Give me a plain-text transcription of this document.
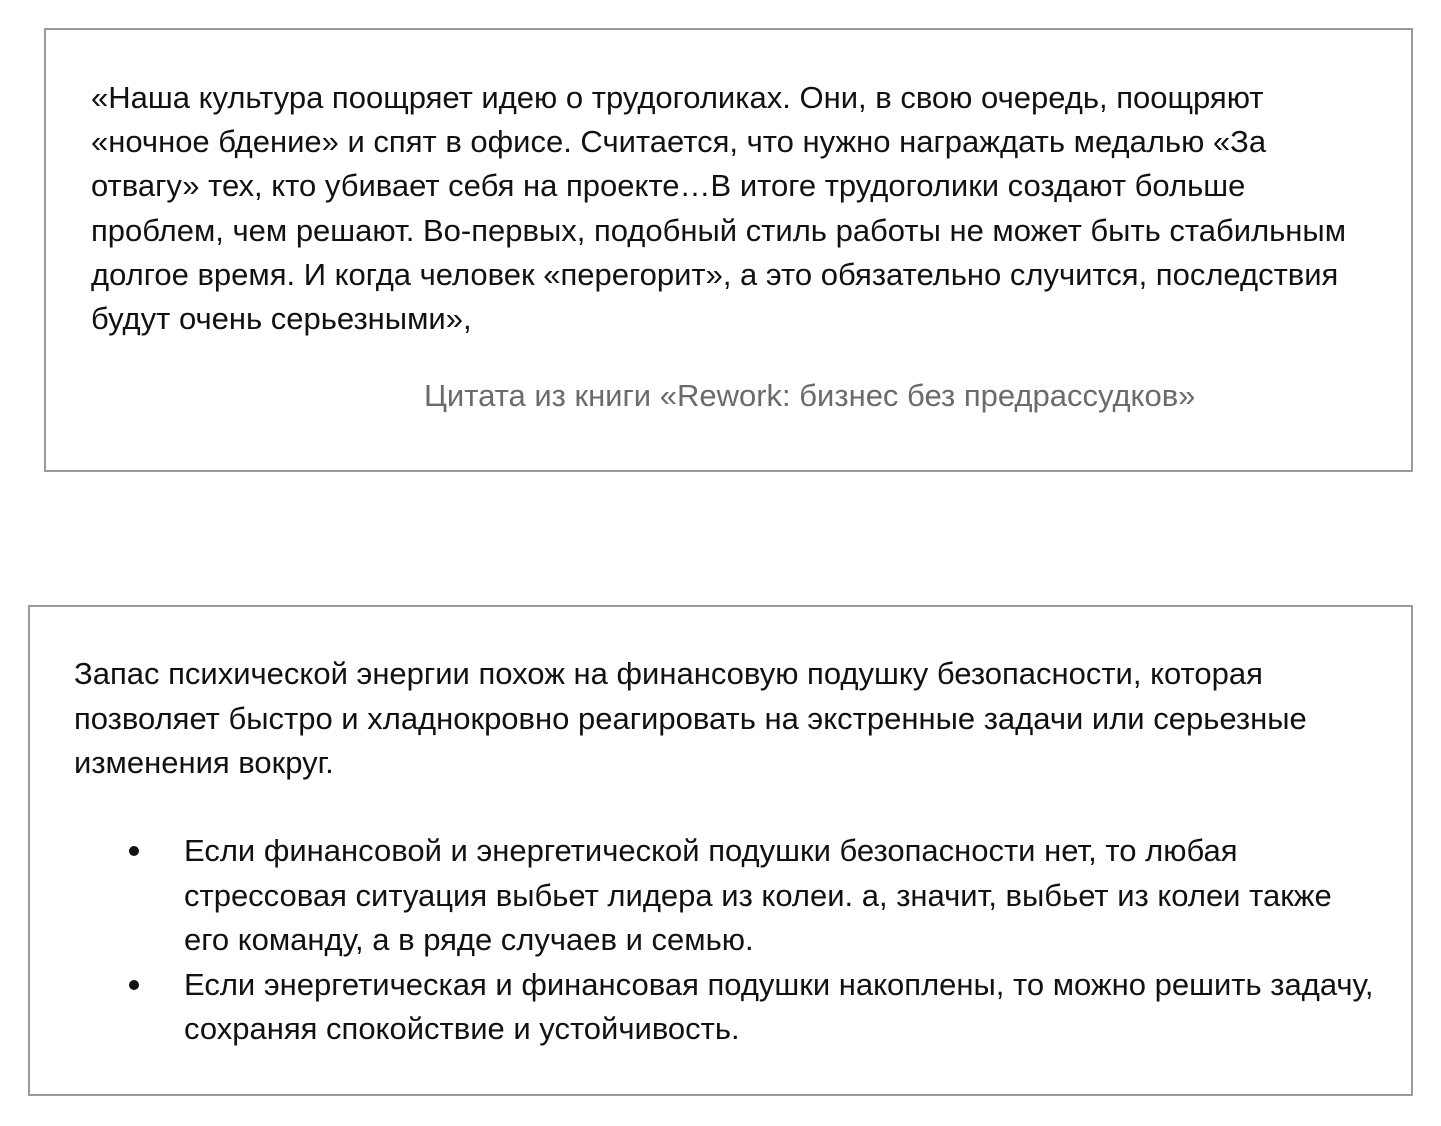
«Наша культура поощряет идею о трудоголиках. Они, в свою очередь, поощряют «ночное бдение» и спят в офисе. Считается, что нужно награждать медалью «За отвагу» тех, кто убивает себя на проекте…В итоге трудоголики создают больше проблем, чем решают. Во-первых, подобный стиль работы не может быть стабильным долгое время. И когда человек «перегорит», а это обязательно случится, последствия будут очень серьезными»,

Цитата из книги «Rework: бизнес без предрассудков»

Запас психической энергии похож на финансовую подушку безопасности, которая позволяет быстро и хладнокровно реагировать на экстренные задачи или серьезные изменения вокруг.

Если финансовой и энергетической подушки безопасности нет, то любая стрессовая ситуация выбьет лидера из колеи. а, значит, выбьет из колеи также его команду, а в ряде случаев и семью.
Если энергетическая и финансовая подушки накоплены, то можно решить задачу, сохраняя спокойствие и устойчивость.
